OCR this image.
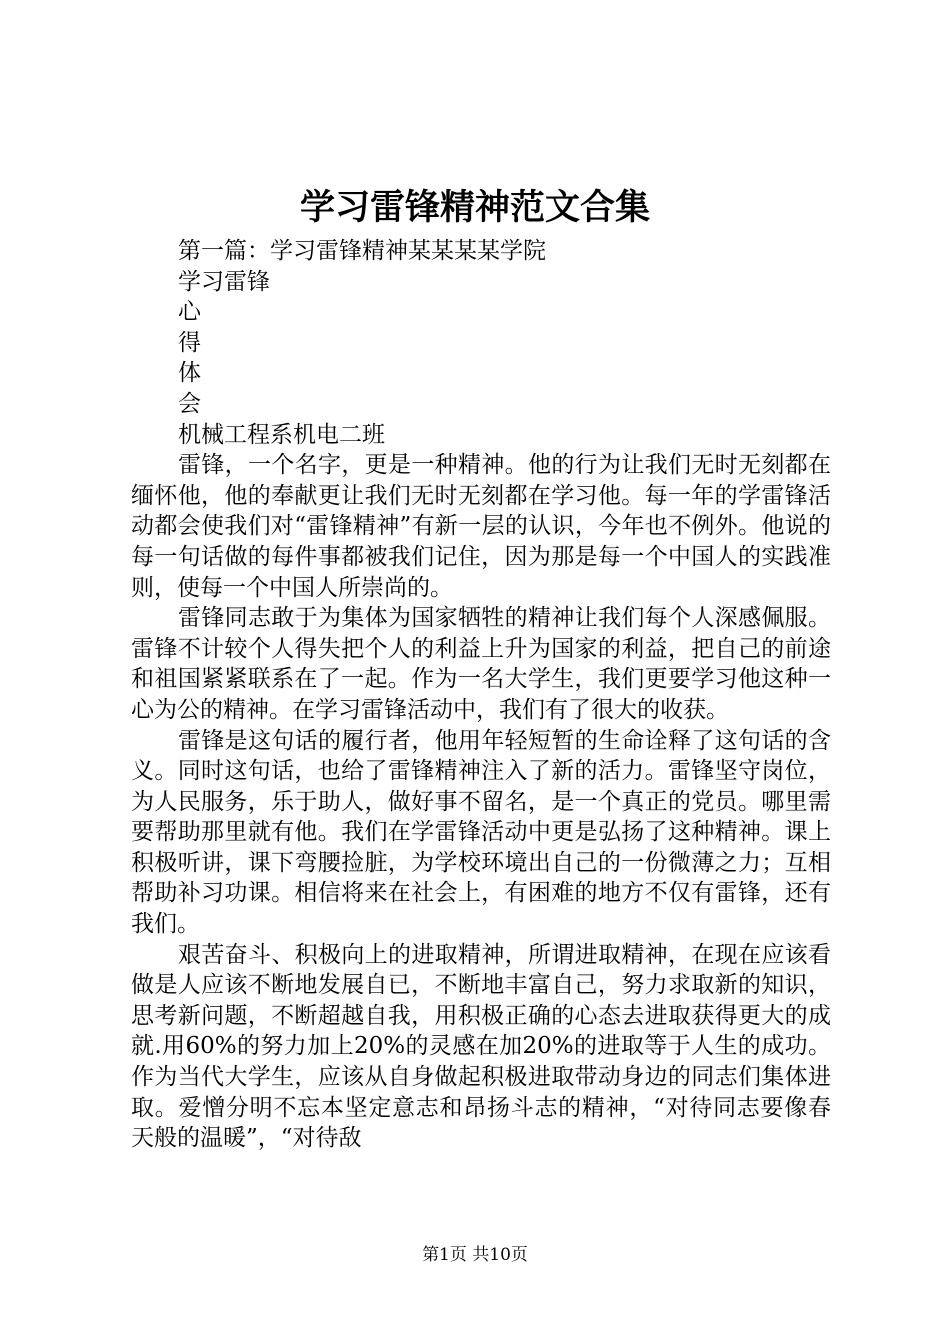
学习雷锋精神范文合集

第一篇：学习雷锋精神某某某某学院

学习雷锋

心

得

体

会

机械工程系机电二班

雷锋，一个名字，更是一种精神。他的行为让我们无时无刻都在缅怀他，他的奉献更让我们无时无刻都在学习他。每一年的学雷锋活动都会使我们对“雷锋精神”有新一层的认识，今年也不例外。他说的每一句话做的每件事都被我们记住，因为那是每一个中国人的实践准则，使每一个中国人所崇尚的。

雷锋同志敢于为集体为国家牺牲的精神让我们每个人深感佩服。雷锋不计较个人得失把个人的利益上升为国家的利益，把自己的前途和祖国紧紧联系在了一起。作为一名大学生，我们更要学习他这种一心为公的精神。在学习雷锋活动中，我们有了很大的收获。

雷锋是这句话的履行者，他用年轻短暂的生命诠释了这句话的含义。同时这句话，也给了雷锋精神注入了新的活力。雷锋坚守岗位，为人民服务，乐于助人，做好事不留名，是一个真正的党员。哪里需要帮助那里就有他。我们在学雷锋活动中更是弘扬了这种精神。课上积极听讲，课下弯腰捡脏，为学校环境出自己的一份微薄之力；互相帮助补习功课。相信将来在社会上，有困难的地方不仅有雷锋，还有我们。

艰苦奋斗、积极向上的进取精神，所谓进取精神，在现在应该看做是人应该不断地发展自已，不断地丰富自己，努力求取新的知识，思考新问题，不断超越自我，用积极正确的心态去进取获得更大的成就.用60%的努力加上20%的灵感在加20%的进取等于人生的成功。作为当代大学生，应该从自身做起积极进取带动身边的同志们集体进取。爱憎分明不忘本坚定意志和昂扬斗志的精神，“对待同志要像春天般的温暖”，“对待敌

第1页 共10页
